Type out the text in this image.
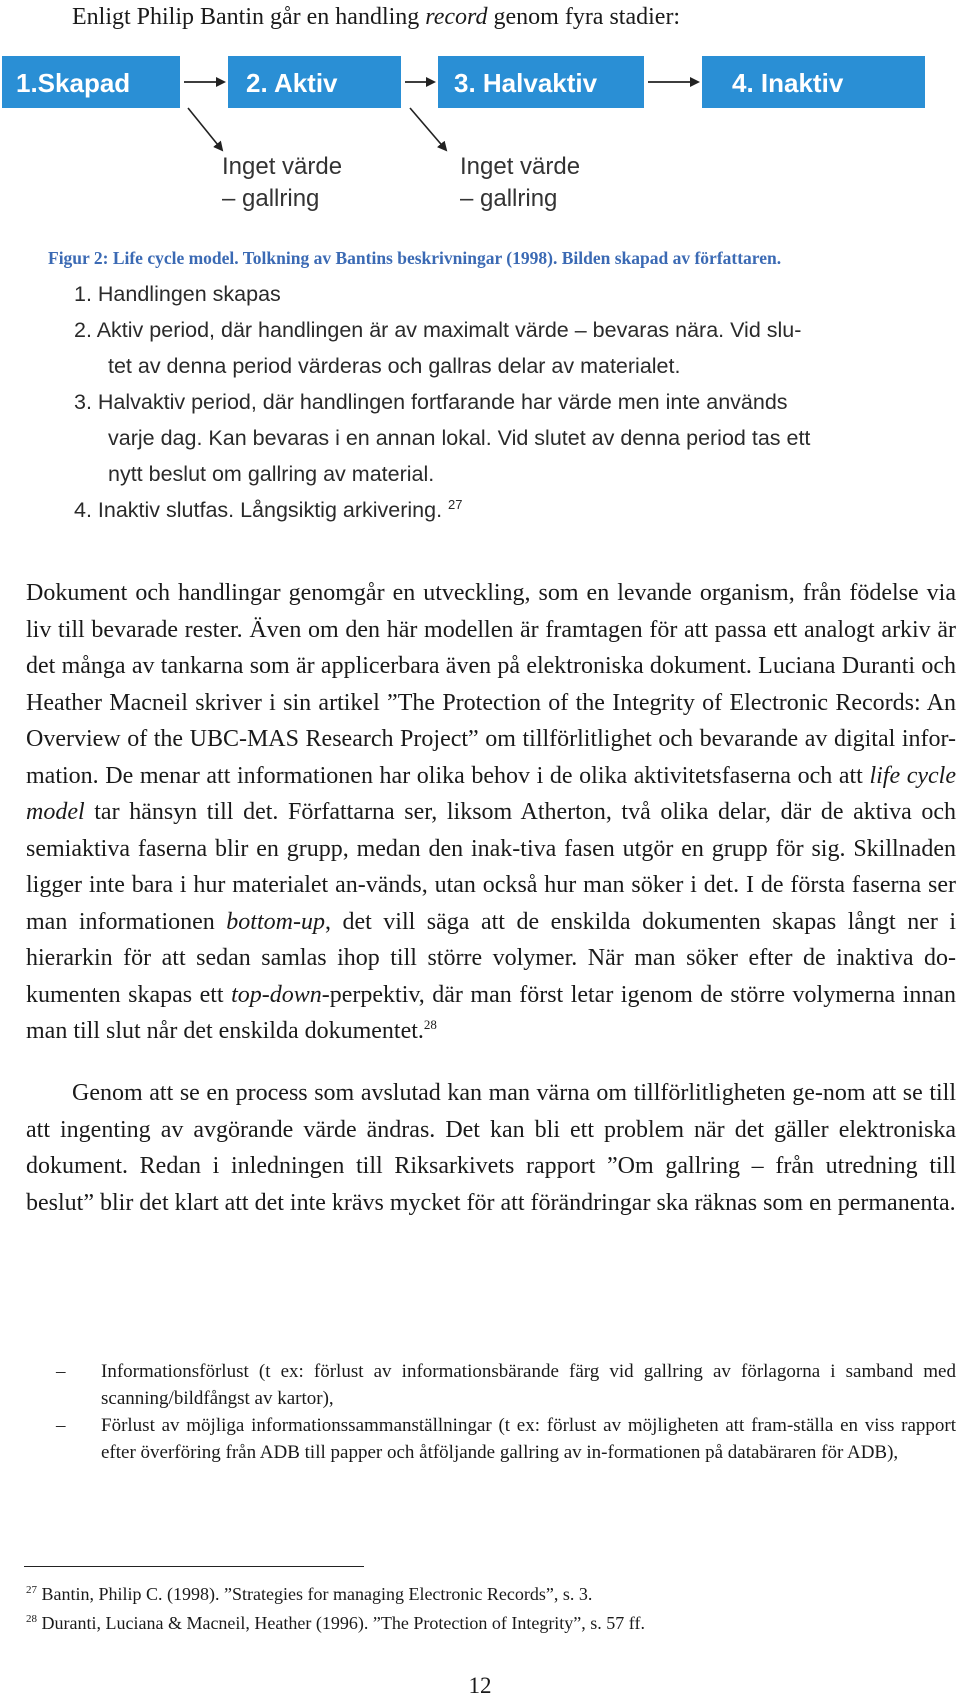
Enligt Philip Bantin går en handling record genom fyra stadier:
1.Skapad	2. Aktiv	3. Halvaktiv	4. Inaktiv
Inget värde
– gallring
Inget värde
– gallring
Figur 2: Life cycle model. Tolkning av Bantins beskrivningar (1998). Bilden skapad av författaren.
1. Handlingen skapas
2. Aktiv period, där handlingen är av maximalt värde – bevaras nära. Vid slu-
tet av denna period värderas och gallras delar av materialet.
3. Halvaktiv period, där handlingen fortfarande har värde men inte används
varje dag. Kan bevaras i en annan lokal. Vid slutet av denna period tas ett
nytt beslut om gallring av material.
4. Inaktiv slutfas. Långsiktig arkivering. $^{27}$
Dokument och handlingar genomgår en utveckling, som en levande organism, från födelse via liv till bevarade rester. Även om den här modellen är framtagen för att passa ett analogt arkiv är det många av tankarna som är applicerbara även på elektroniska dokument. Luciana Duranti och Heather Macneil skriver i sin artikel ”The Protection of the Integrity of Electronic Records: An Overview of the UBC-MAS Research Project” om tillförlitlighet och bevarande av digital infor-mation. De menar att informationen har olika behov i de olika aktivitetsfaserna och att life cycle model tar hänsyn till det. Författarna ser, liksom Atherton, två olika delar, där de aktiva och semiaktiva faserna blir en grupp, medan den inak-tiva fasen utgör en grupp för sig. Skillnaden ligger inte bara i hur materialet an-vänds, utan också hur man söker i det. I de första faserna ser man informationen bottom-up, det vill säga att de enskilda dokumenten skapas långt ner i hierarkin för att sedan samlas ihop till större volymer. När man söker efter de inaktiva do-kumenten skapas ett top-down-perpektiv, där man först letar igenom de större volymerna innan man till slut når det enskilda dokumentet.$^{28}$
Genom att se en process som avslutad kan man värna om tillförlitligheten ge-nom att se till att ingenting av avgörande värde ändras. Det kan bli ett problem när det gäller elektroniska dokument. Redan i inledningen till Riksarkivets rapport ”Om gallring – från utredning till beslut” blir det klart att det inte krävs mycket för att förändringar ska räknas som en permanenta.
– Informationsförlust (t ex: förlust av informationsbärande färg vid gallring av förlagorna i samband med scanning/bildfångst av kartor),
– Förlust av möjliga informationssammanställningar (t ex: förlust av möjligheten att fram-ställa en viss rapport efter överföring från ADB till papper och åtföljande gallring av in-formationen på databäraren för ADB),
$^{27}$ Bantin, Philip C. (1998). ”Strategies for managing Electronic Records”, s. 3.
$^{28}$ Duranti, Luciana & Macneil, Heather (1996). ”The Protection of Integrity”, s. 57 ff.
12
